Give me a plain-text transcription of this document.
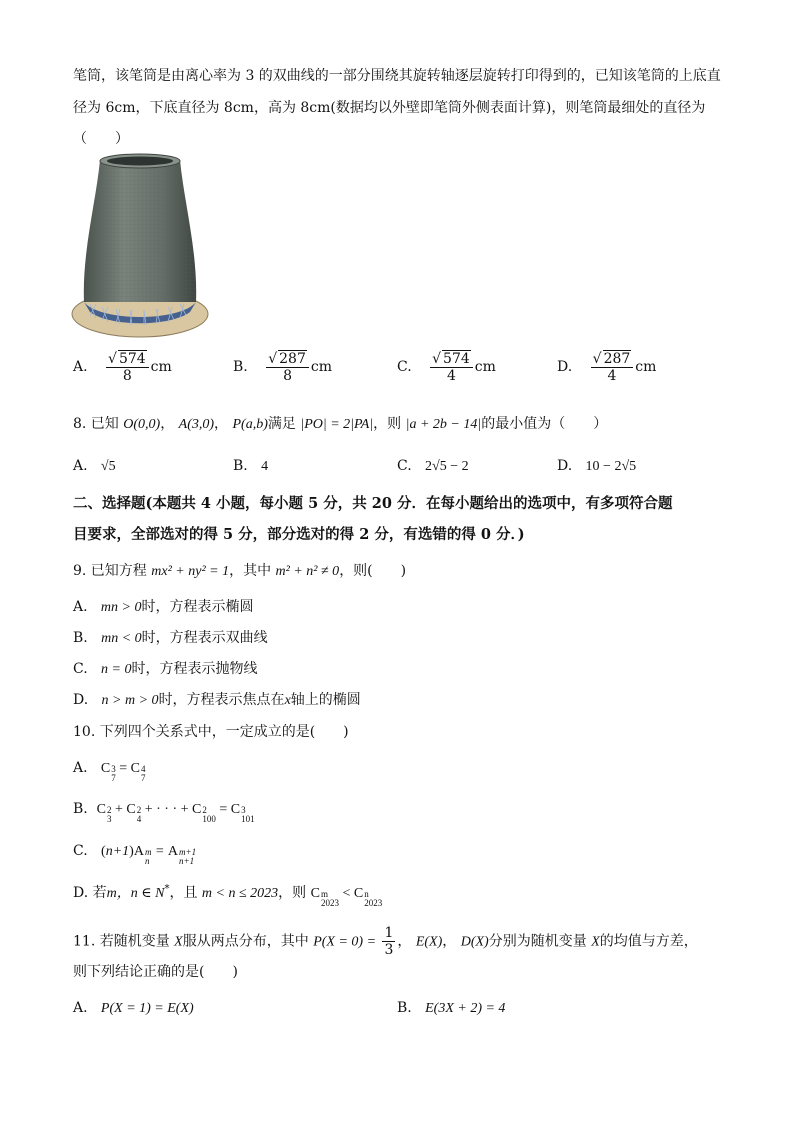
笔筒，该笔筒是由离心率为 3 的双曲线的一部分围绕其旋转轴逐层旋转打印得到的，已知该笔筒的上底直
径为 6cm，下底直径为 8cm，高为 8cm(数据均以外壁即笔筒外侧表面计算)，则笔筒最细处的直径为
（　　）
A. $\frac{√ 574}{8}$ cm	B. $\frac{√ 287}{8}$ cm	C. $\frac{√ 574}{4}$ cm	D. $\frac{√ 287}{4}$ cm
8. 已知 O(0,0)， A(3,0)， P(a,b)满足 |PO| = 2|PA|，则 |a + 2b − 14|的最小值为（　　）
A. √5	B. 4	C. 2√5 − 2	D. 10 − 2√5
二、选择题(本题共 4 小题，每小题 5 分，共 20 分．在每小题给出的选项中，有多项符合题
目要求，全部选对的得 5 分，部分选对的得 2 分，有选错的得 0 分．)
9. 已知方程 mx² + ny² = 1，其中 m² + n² ≠ 0，则(　　)
A. mn > 0时，方程表示椭圆
B. mn < 0时，方程表示双曲线
C. n = 0时，方程表示抛物线
D. n > m > 0时，方程表示焦点在x轴上的椭圆
10. 下列四个关系式中，一定成立的是(　　)
A. C 3
7
= C 4
7
B. C 2
3
+ C 2
4
+ · · · + C 2
100
= C 3
101
C. (n+1)A m
n
= A m+1
n+1
D. 若m，n ∈ N*，且 m < n ≤ 2023，则 C m
2023
< C n
2023
11. 若随机变量 X服从两点分布，其中 $P(X = 0) = \frac{1}{3}$ ， E(X)， D(X)分别为随机变量 X的均值与方差，
则下列结论正确的是(　　)
A. P(X = 1) = E(X)	B. E(3X + 2) = 4
